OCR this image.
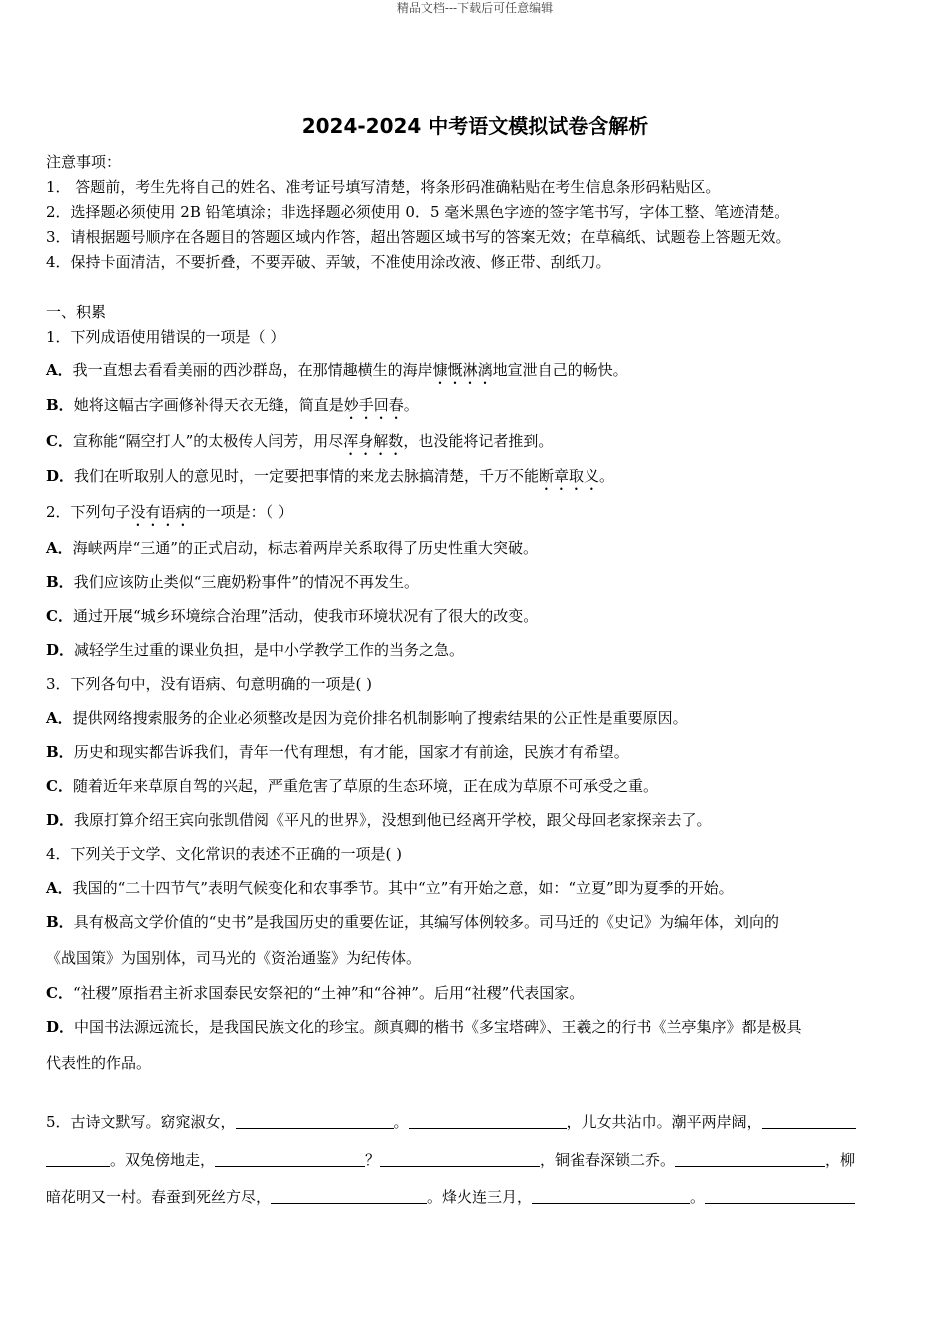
精品文档---下载后可任意编辑
2024-2024 中考语文模拟试卷含解析
注意事项：
1． 答题前，考生先将自己的姓名、准考证号填写清楚，将条形码准确粘贴在考生信息条形码粘贴区。
2．选择题必须使用 2B 铅笔填涂；非选择题必须使用 0．5 毫米黑色字迹的签字笔书写，字体工整、笔迹清楚。
3．请根据题号顺序在各题目的答题区域内作答，超出答题区域书写的答案无效；在草稿纸、试题卷上答题无效。
4．保持卡面清洁，不要折叠，不要弄破、弄皱，不准使用涂改液、修正带、刮纸刀。
一、积累
1．下列成语使用错误的一项是（ ）
A．我一直想去看看美丽的西沙群岛，在那情趣横生的海岸慷慨淋漓地宣泄自己的畅快。
B．她将这幅古字画修补得天衣无缝，简直是妙手回春。
C．宣称能“隔空打人”的太极传人闫芳，用尽浑身解数，也没能将记者推到。
D．我们在听取别人的意见时，一定要把事情的来龙去脉搞清楚，千万不能断章取义。
2．下列句子没有语病的一项是：（ ）
A．海峡两岸“三通”的正式启动，标志着两岸关系取得了历史性重大突破。
B．我们应该防止类似“三鹿奶粉事件”的情况不再发生。
C．通过开展“城乡环境综合治理”活动，使我市环境状况有了很大的改变。
D．减轻学生过重的课业负担，是中小学教学工作的当务之急。
3．下列各句中，没有语病、句意明确的一项是( )
A．提供网络搜索服务的企业必须整改是因为竞价排名机制影响了搜索结果的公正性是重要原因。
B．历史和现实都告诉我们，青年一代有理想，有才能，国家才有前途，民族才有希望。
C．随着近年来草原自驾的兴起，严重危害了草原的生态环境，正在成为草原不可承受之重。
D．我原打算介绍王宾向张凯借阅《平凡的世界》，没想到他已经离开学校，跟父母回老家探亲去了。
4．下列关于文学、文化常识的表述不正确的一项是( )
A．我国的“二十四节气”表明气候变化和农事季节。其中“立”有开始之意，如：“立夏”即为夏季的开始。
B．具有极高文学价值的“史书”是我国历史的重要佐证，其编写体例较多。司马迁的《史记》为编年体，刘向的
《战国策》为国别体，司马光的《资治通鉴》为纪传体。
C．“社稷”原指君主祈求国泰民安祭祀的“土神”和“谷神”。后用“社稷”代表国家。
D．中国书法源远流长，是我国民族文化的珍宝。颜真卿的楷书《多宝塔碑》、王羲之的行书《兰亭集序》都是极具
代表性的作品。
5．古诗文默写。窈窕淑女，	。	，儿女共沾巾。潮平两岸阔，
。双兔傍地走，	？	，铜雀春深锁二乔。	，柳
暗花明又一村。春蚕到死丝方尽，	。烽火连三月，	。
